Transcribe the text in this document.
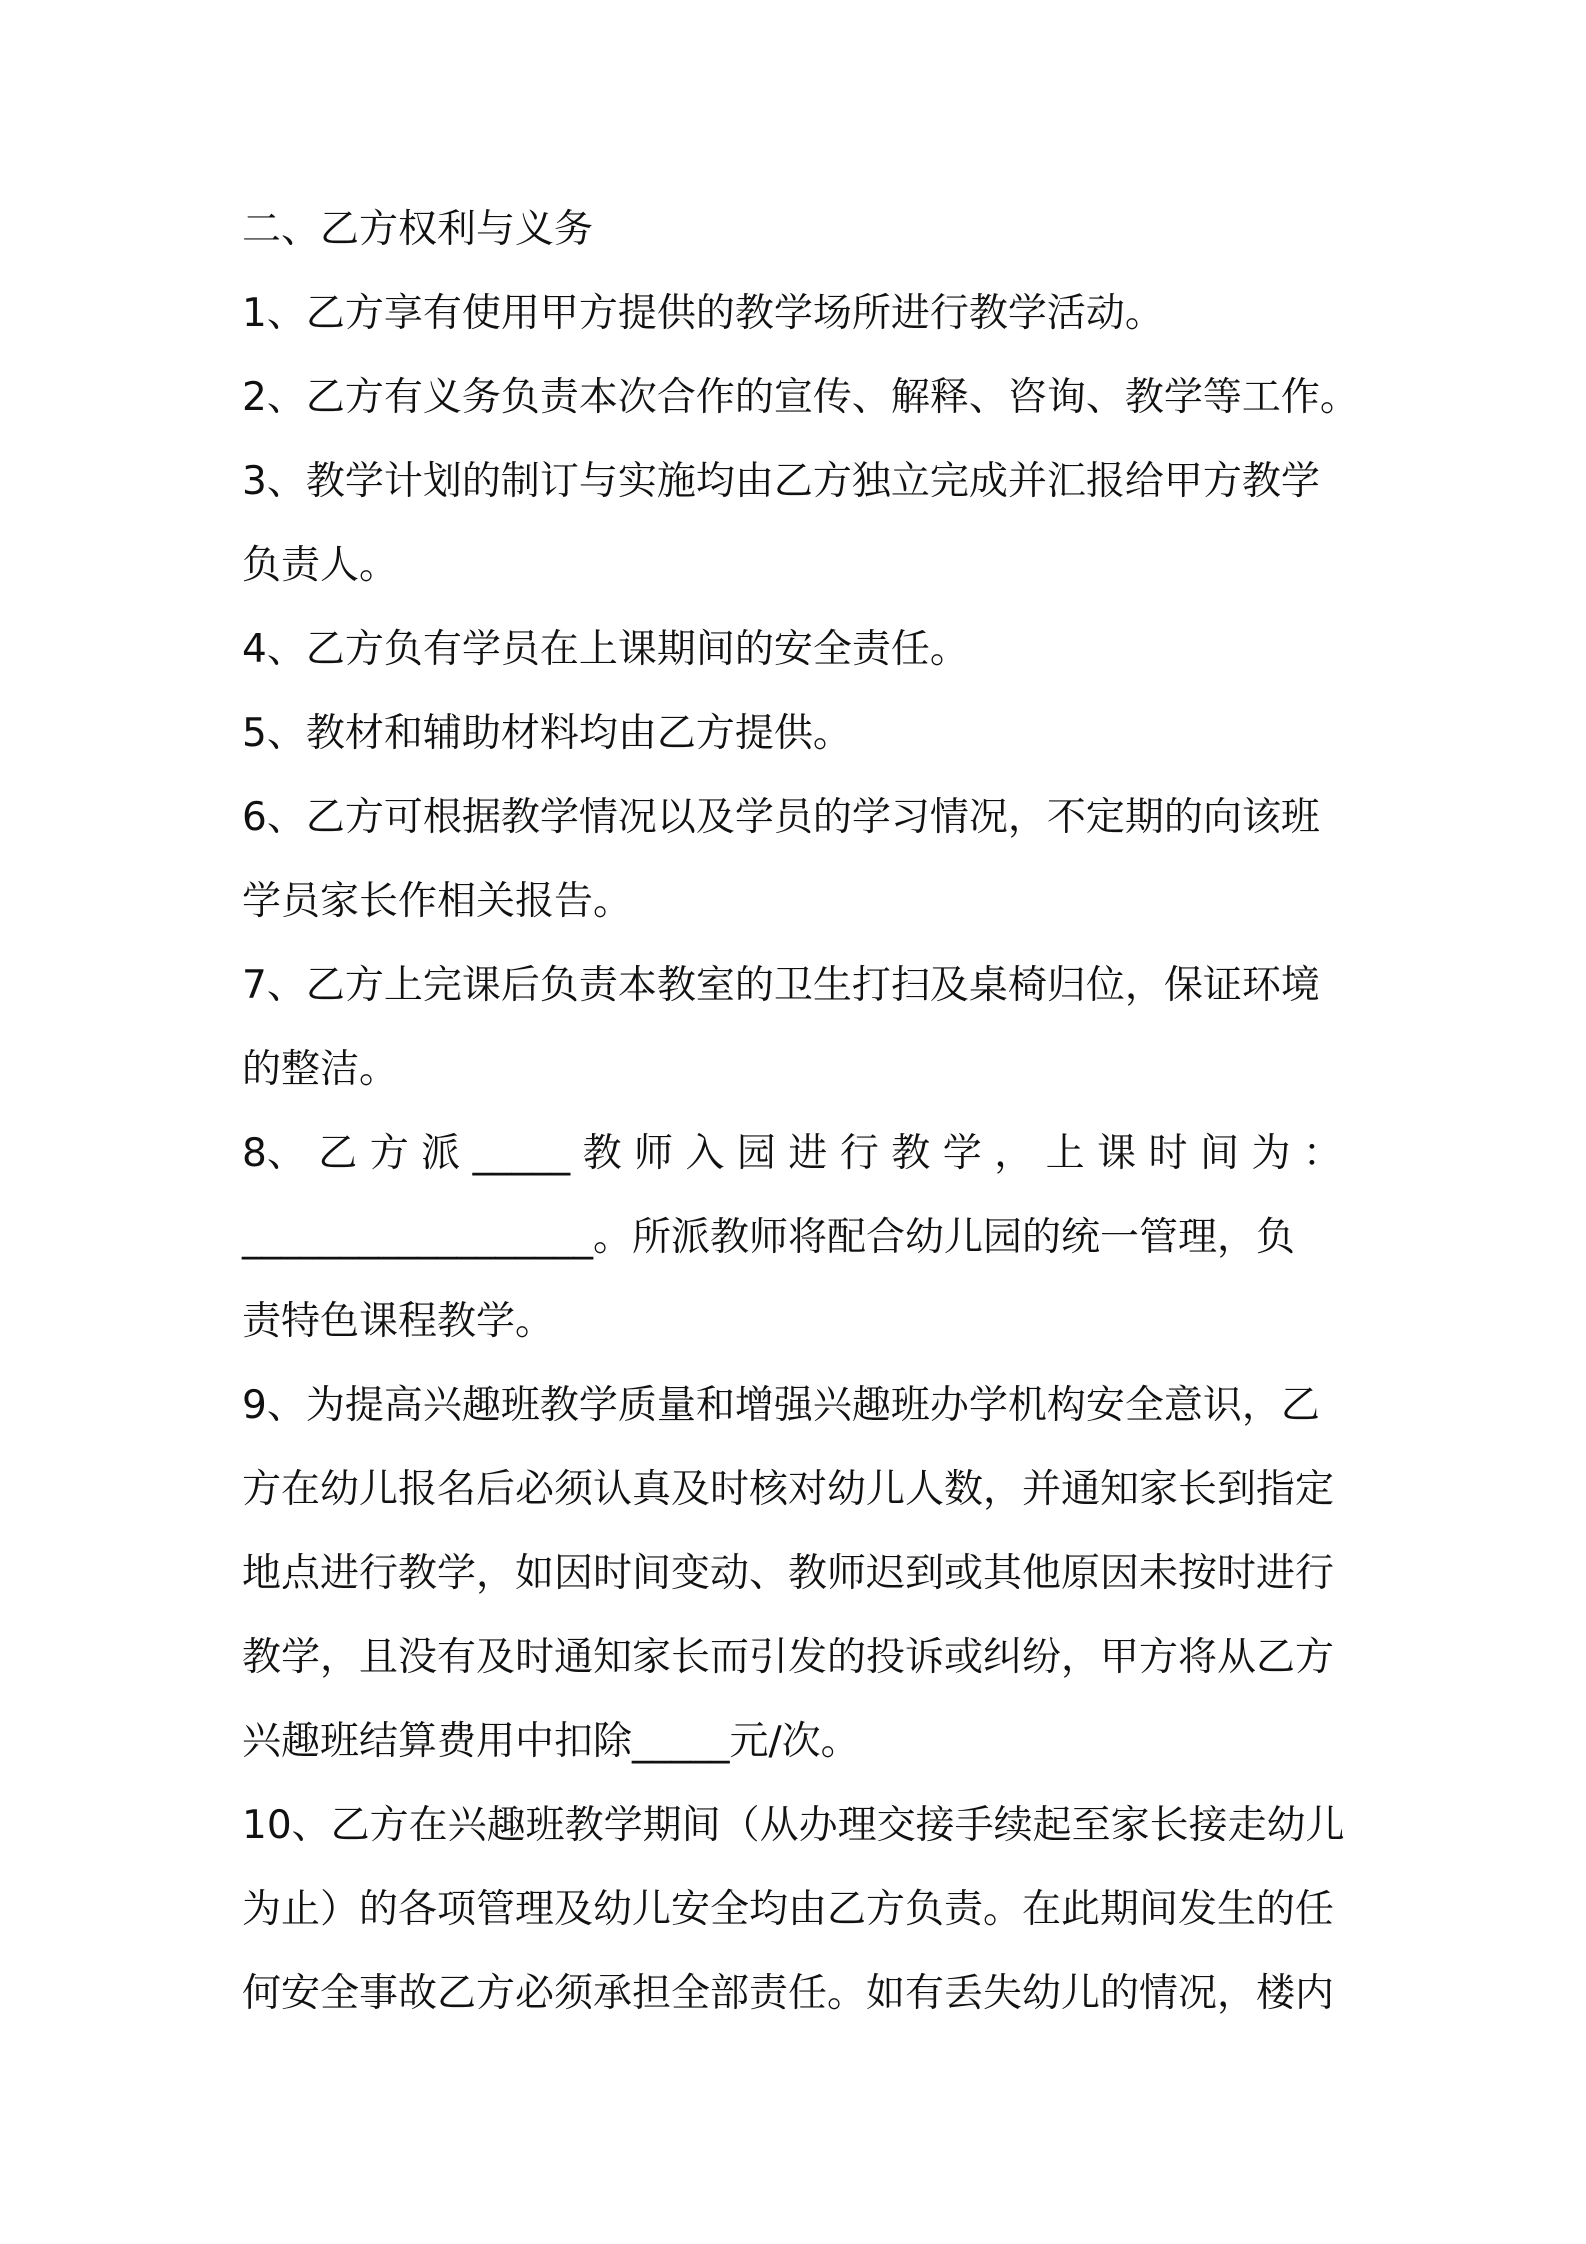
二、乙方权利与义务
1、乙方享有使用甲方提供的教学场所进行教学活动。
2、乙方有义务负责本次合作的宣传、解释、咨询、教学等工作。
3、教学计划的制订与实施均由乙方独立完成并汇报给甲方教学
负责人。
4、乙方负有学员在上课期间的安全责任。
5、教材和辅助材料均由乙方提供。
6、乙方可根据教学情况以及学员的学习情况，不定期的向该班
学员家长作相关报告。
7、乙方上完课后负责本教室的卫生打扫及桌椅归位，保证环境
的整洁。
8、 乙 方 派 _____ 教 师 入 园 进 行 教 学 ， 上 课 时 间 为 ：
__________________。所派教师将配合幼儿园的统一管理，负
责特色课程教学。
9、为提高兴趣班教学质量和增强兴趣班办学机构安全意识，乙
方在幼儿报名后必须认真及时核对幼儿人数，并通知家长到指定
地点进行教学，如因时间变动、教师迟到或其他原因未按时进行
教学，且没有及时通知家长而引发的投诉或纠纷，甲方将从乙方
兴趣班结算费用中扣除_____元/次。
10、乙方在兴趣班教学期间（从办理交接手续起至家长接走幼儿
为止）的各项管理及幼儿安全均由乙方负责。在此期间发生的任
何安全事故乙方必须承担全部责任。如有丢失幼儿的情况，楼内
